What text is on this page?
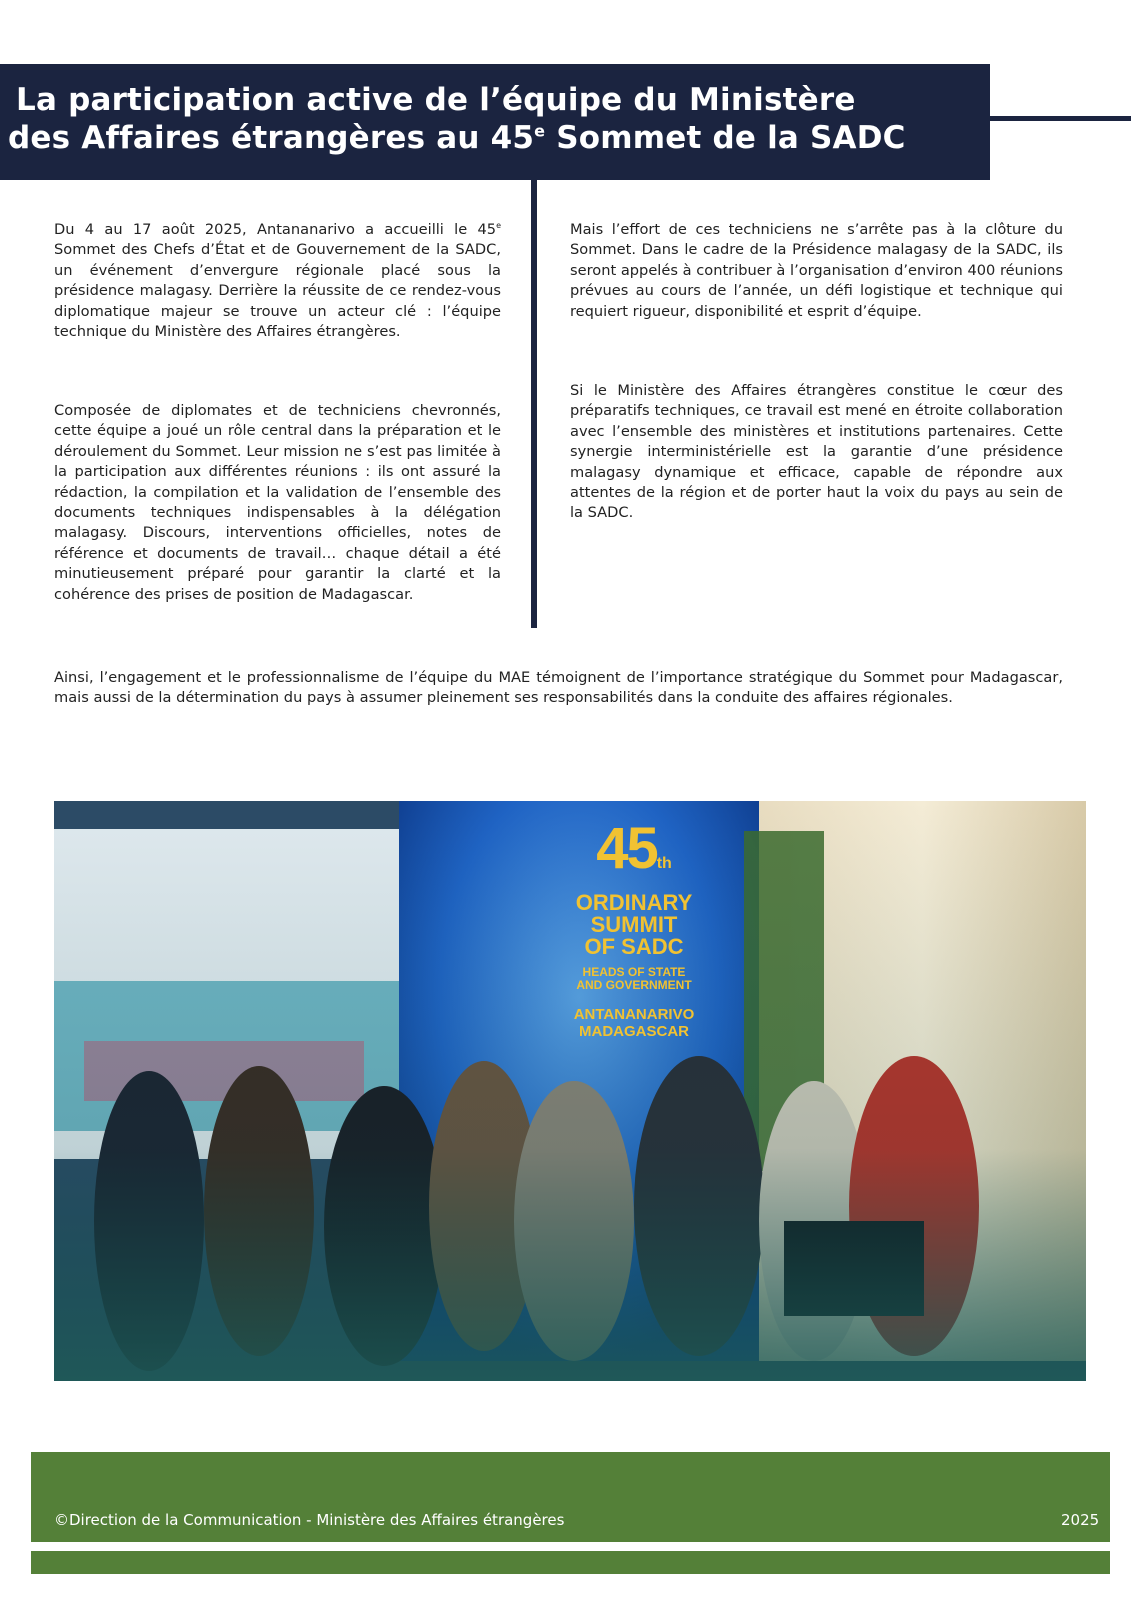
La participation active de l’équipe du Ministère
des Affaires étrangères au 45e Sommet de la SADC

Du 4 au 17 août 2025, Antananarivo a accueilli le 45e Sommet des Chefs d’État et de Gouvernement de la SADC, un événement d’envergure régionale placé sous la présidence malagasy. Derrière la réussite de ce rendez-vous diplomatique majeur se trouve un acteur clé : l’équipe technique du Ministère des Affaires étrangères.

Composée de diplomates et de techniciens chevronnés, cette équipe a joué un rôle central dans la préparation et le déroulement du Sommet. Leur mission ne s’est pas limitée à la participation aux différentes réunions : ils ont assuré la rédaction, la compilation et la validation de l’ensemble des documents techniques indispensables à la délégation malagasy. Discours, interventions officielles, notes de référence et documents de travail… chaque détail a été minutieusement préparé pour garantir la clarté et la cohérence des prises de position de Madagascar.

Mais l’effort de ces techniciens ne s’arrête pas à la clôture du Sommet. Dans le cadre de la Présidence malagasy de la SADC, ils seront appelés à contribuer à l’organisation d’environ 400 réunions prévues au cours de l’année, un défi logistique et technique qui requiert rigueur, disponibilité et esprit d’équipe.

Si le Ministère des Affaires étrangères constitue le cœur des préparatifs techniques, ce travail est mené en étroite collaboration avec l’ensemble des ministères et institutions partenaires. Cette synergie interministérielle est la garantie d’une présidence malagasy dynamique et efficace, capable de répondre aux attentes de la région et de porter haut la voix du pays au sein de la SADC.

Ainsi, l’engagement et le professionnalisme de l’équipe du MAE témoignent de l’importance stratégique du Sommet pour Madagascar, mais aussi de la détermination du pays à assumer pleinement ses responsabilités dans la conduite des affaires régionales.

45th
ORDINARY
SUMMIT
OF SADC
HEADS OF STATE
AND GOVERNMENT
ANTANANARIVO
MADAGASCAR
©Direction de la Communication - Ministère des Affaires étrangères	2025
